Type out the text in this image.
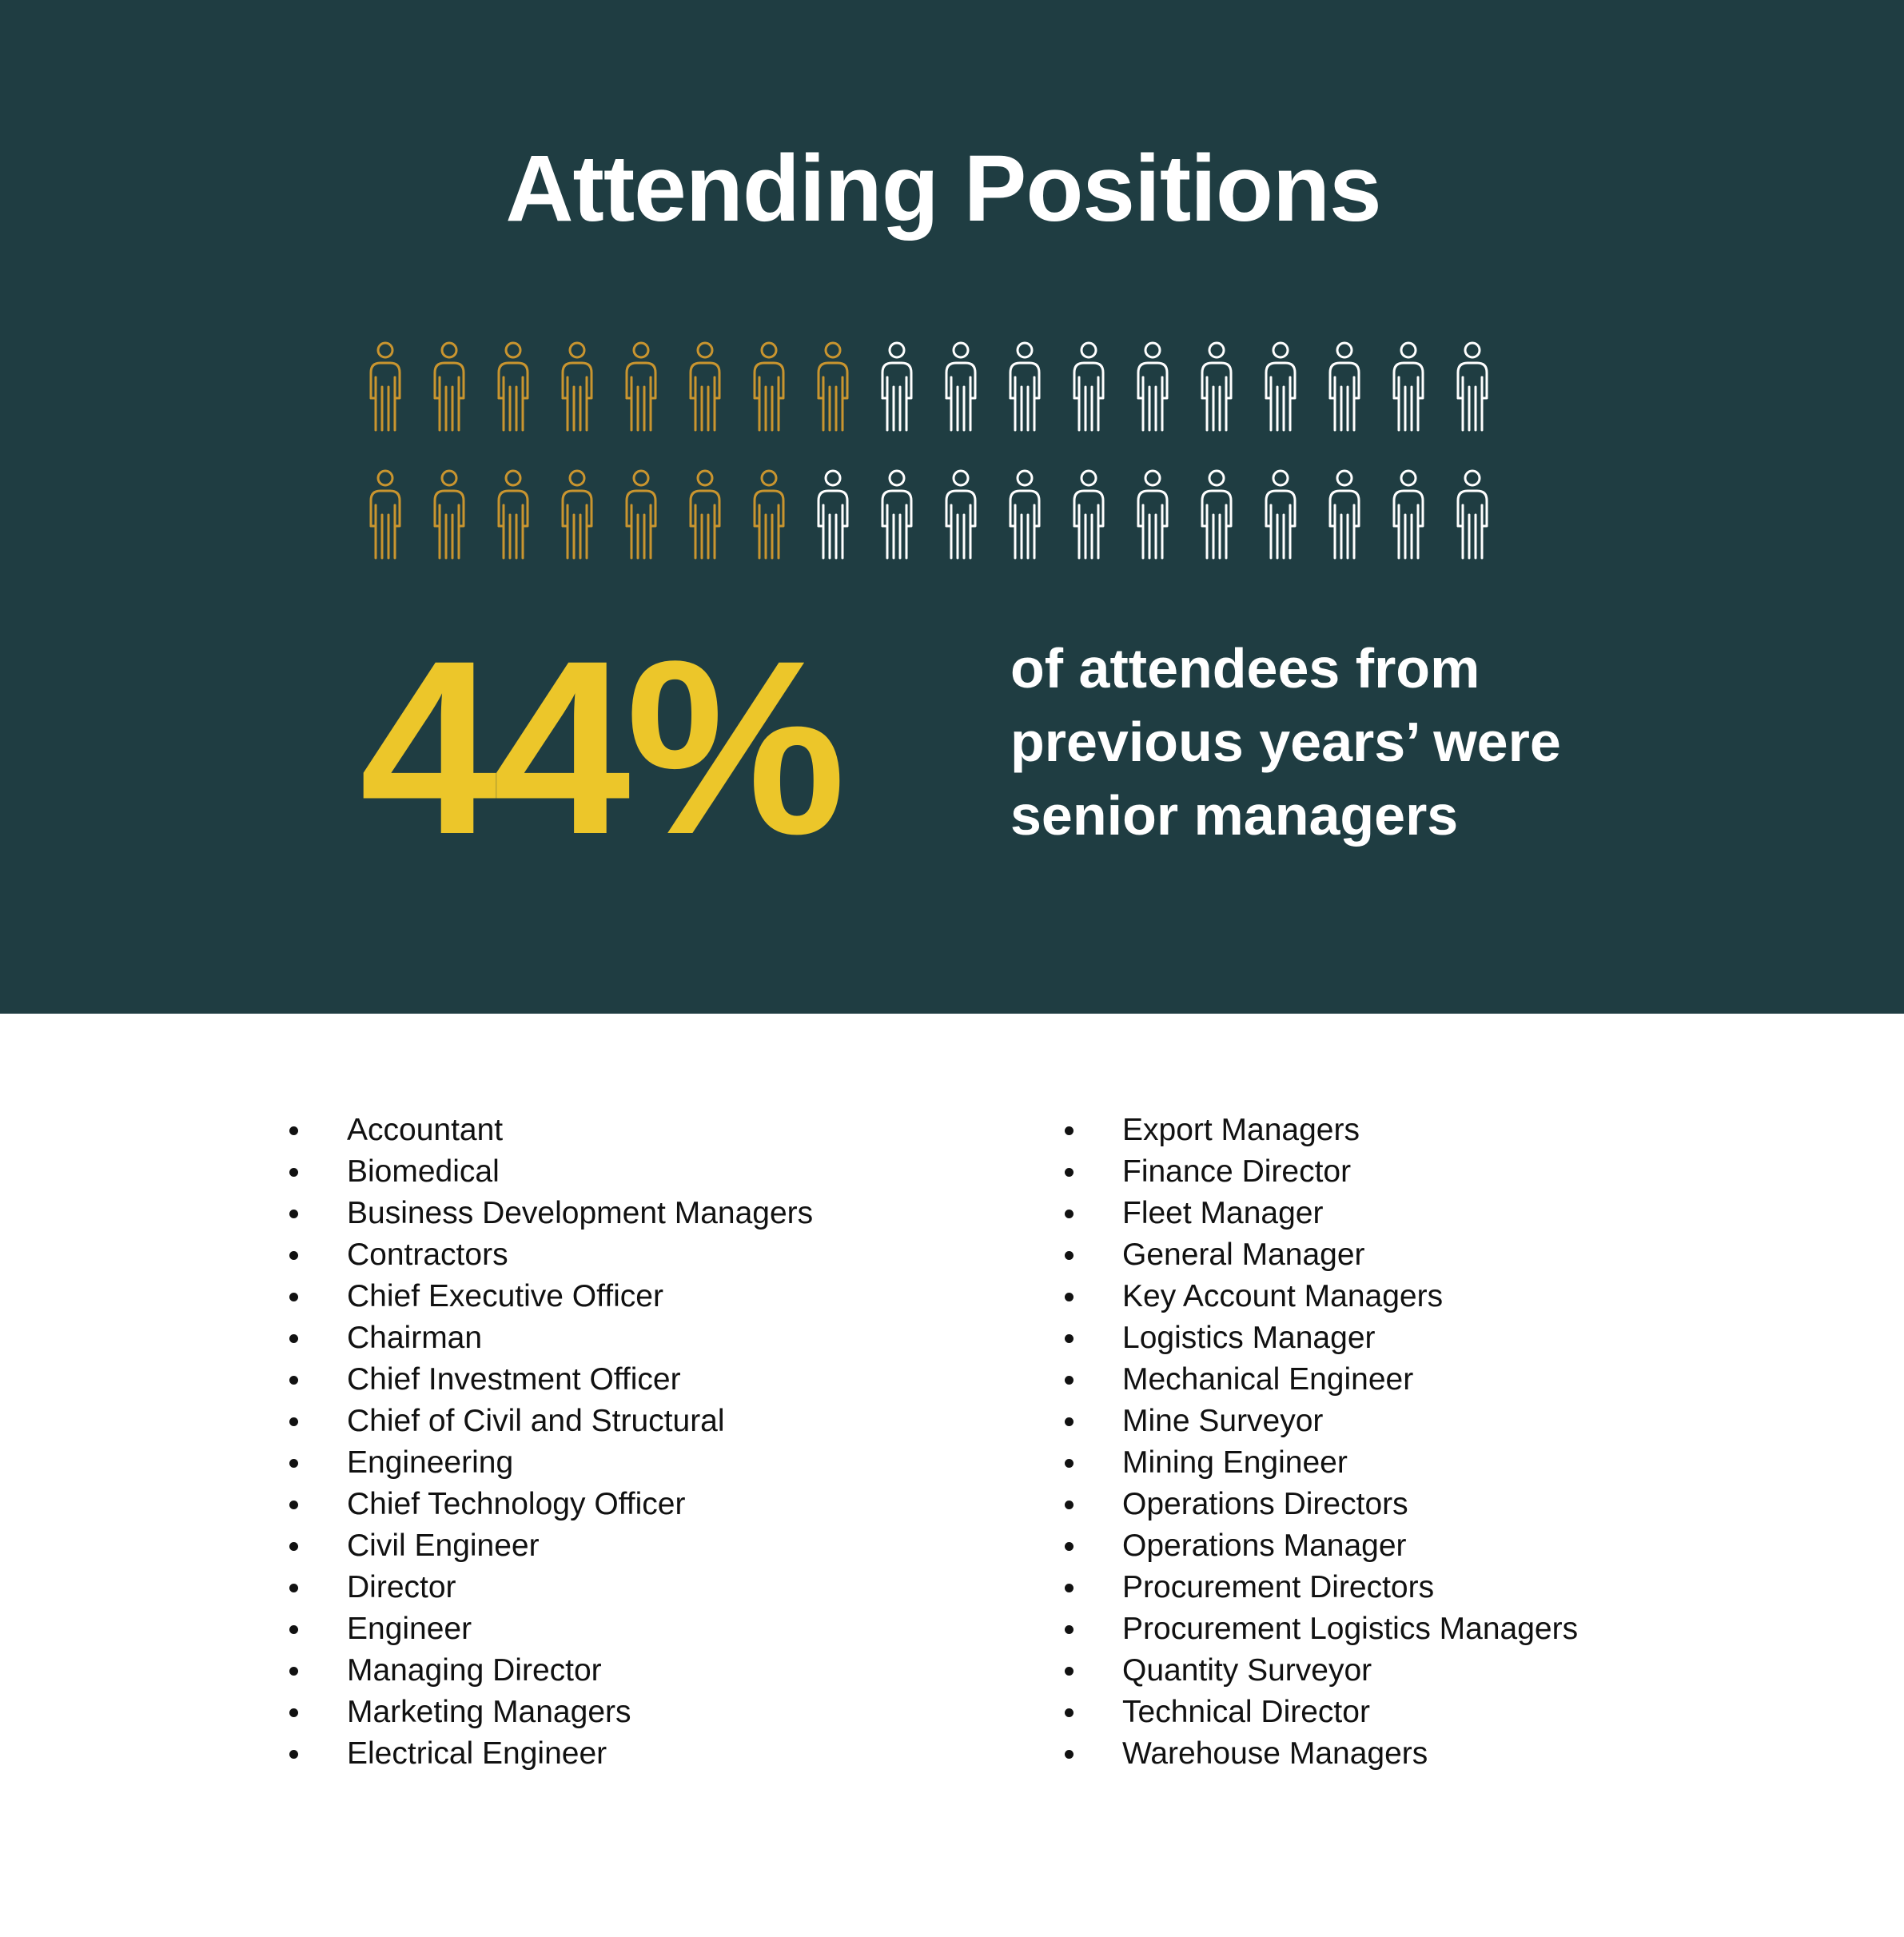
Attending Positions
44%	of attendees from
previous years’ were
senior managers
Accountant
Biomedical
Business Development Managers
Contractors
Chief Executive Officer
Chairman
Chief Investment Officer
Chief of Civil and Structural
Engineering
Chief Technology Officer
Civil Engineer
Director
Engineer
Managing Director
Marketing Managers
Electrical Engineer
Export Managers
Finance Director
Fleet Manager
General Manager
Key Account Managers
Logistics Manager
Mechanical Engineer
Mine Surveyor
Mining Engineer
Operations Directors
Operations Manager
Procurement Directors
Procurement Logistics Managers
Quantity Surveyor
Technical Director
Warehouse Managers
